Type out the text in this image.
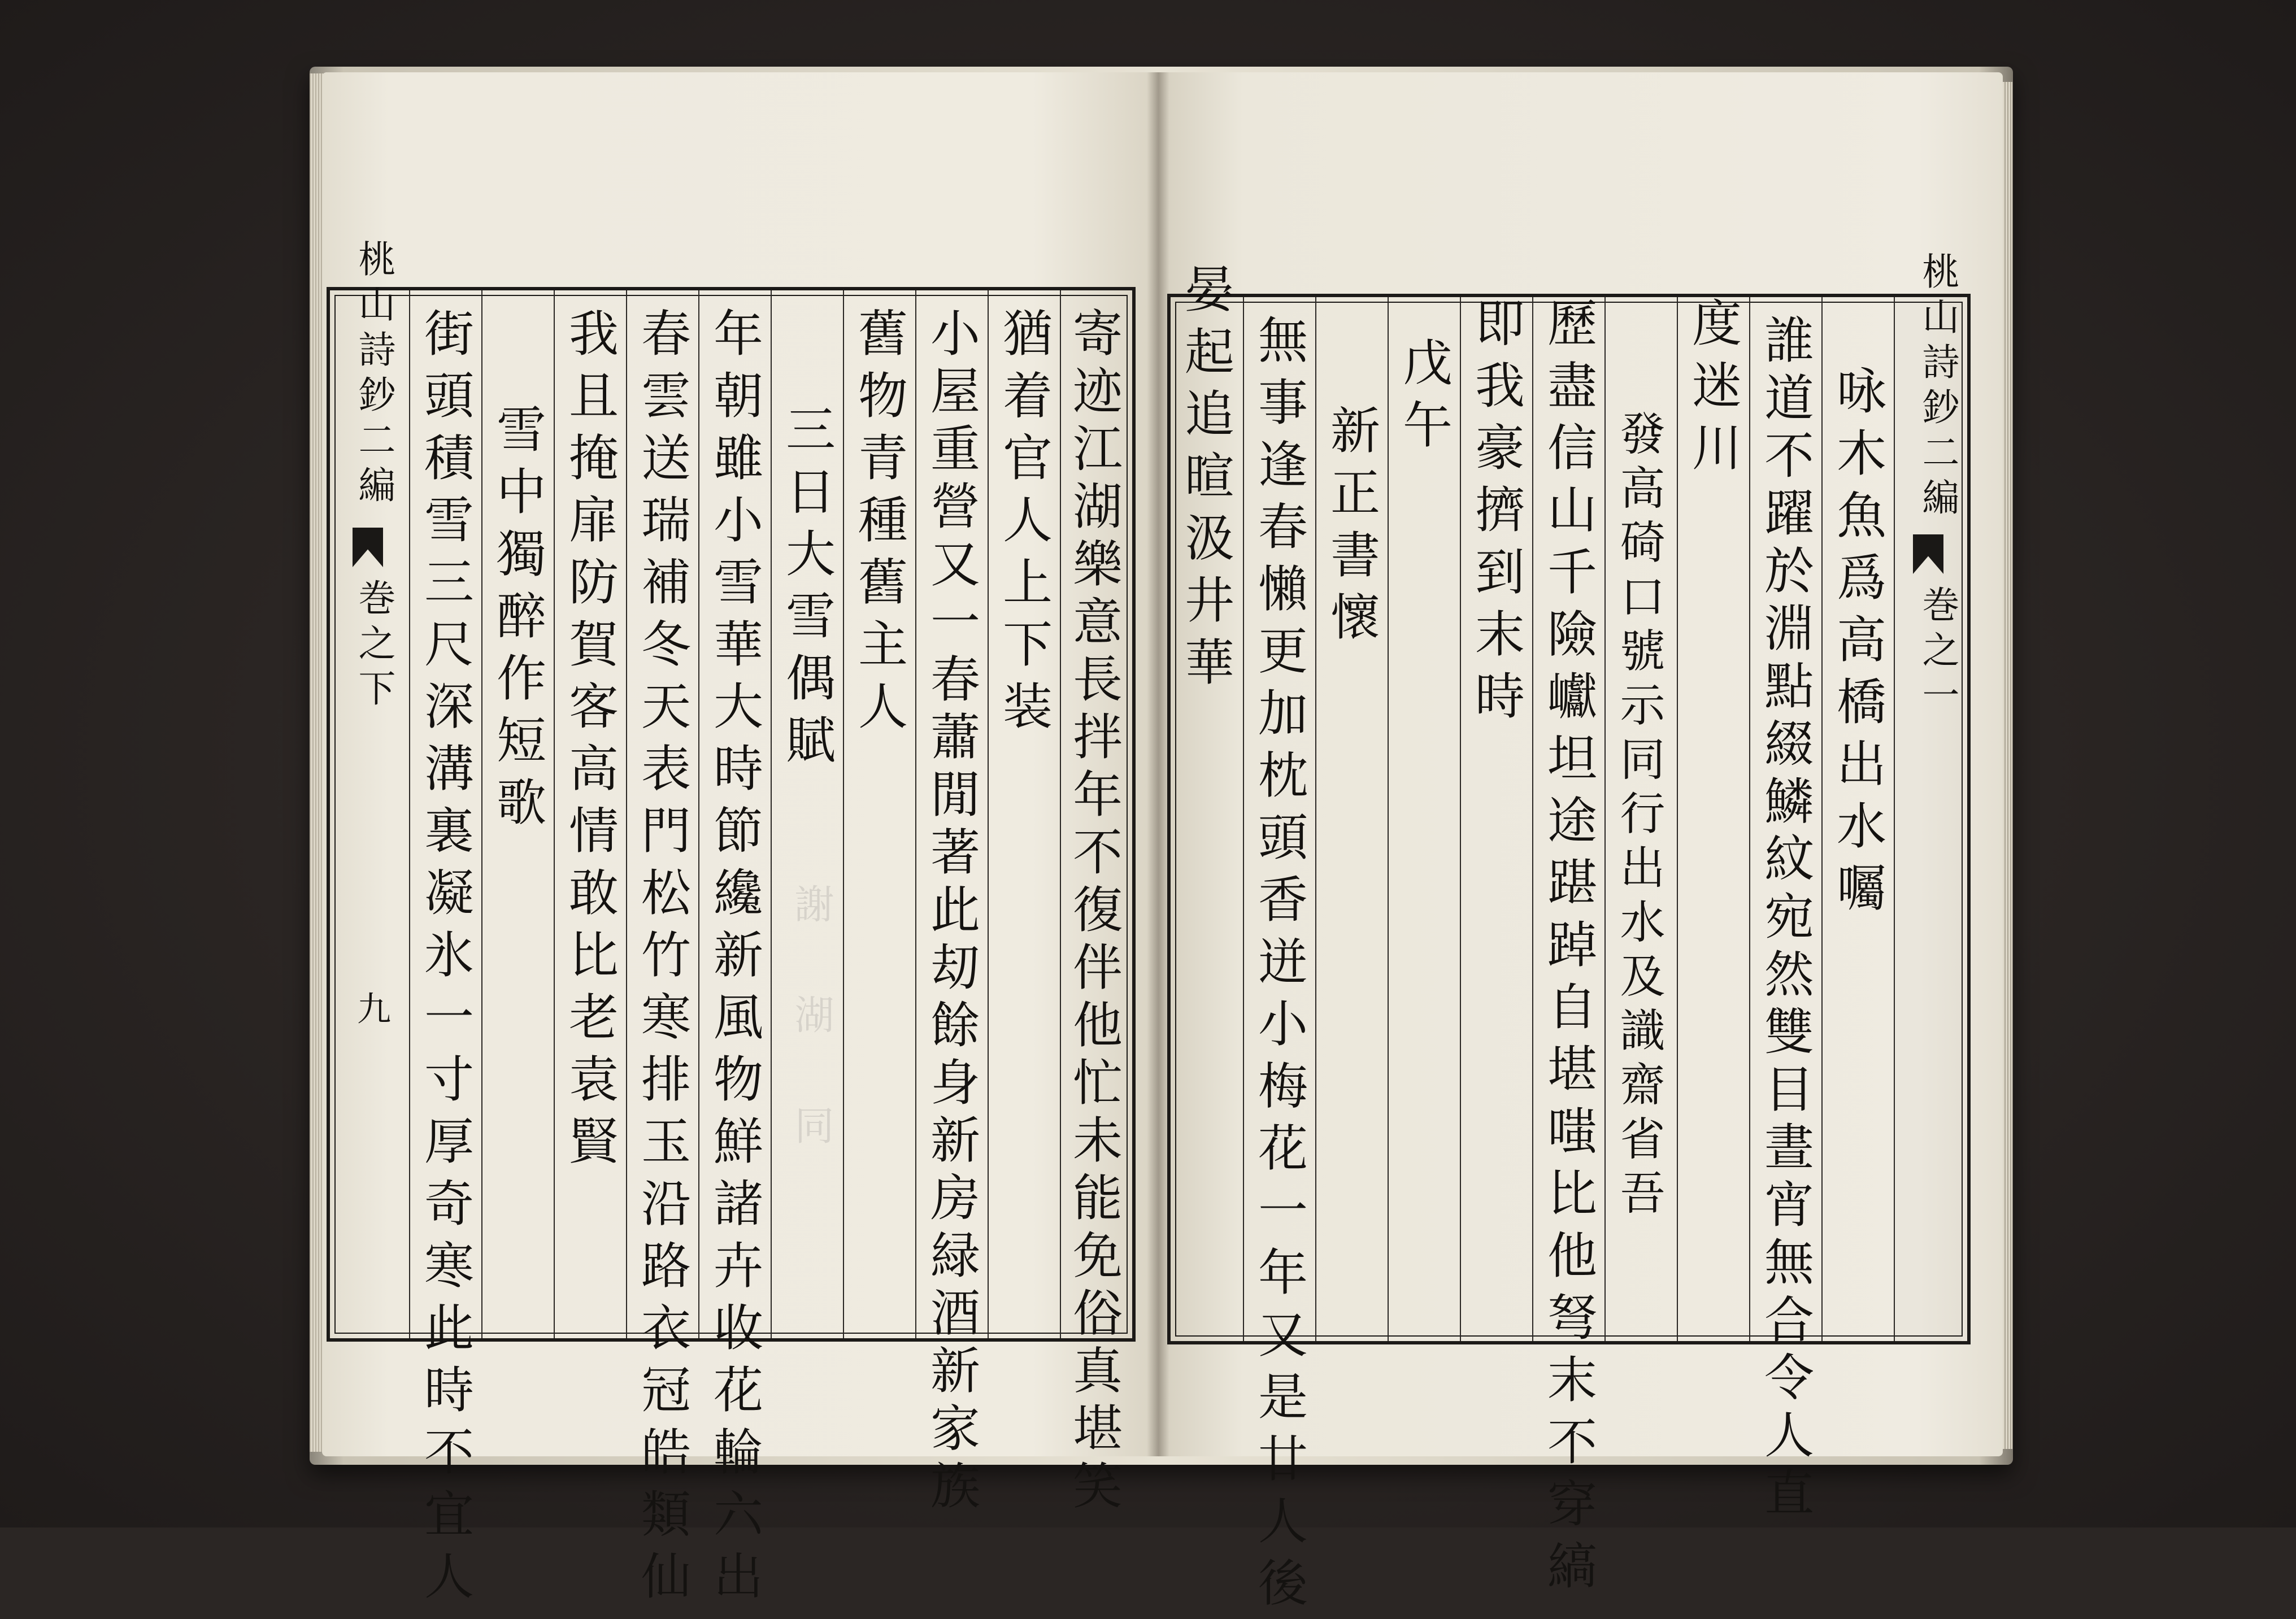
晏起追暄汲井華 無事逢春懶更加枕頭香迸小梅花一年又是廿人後 新正書懷
戊午 即我豪擠到末時 歷盡信山千險巘坦途踸踔自堪嗤比他弩末不穿縞 發高碕口號示同行出水及識齋省吾
度迷川 誰道不躍於淵點綴鱗紋宛然雙目晝宵無合令人直 咏木魚爲高橋出水囑 桃山詩鈔二編
巻之一
桃山詩鈔二編
巻之下
九 街頭積雪三尺深溝裏凝氷一寸厚奇寒此時不宜人 雪中獨醉作短歌 我且掩扉防賀客高情敢比老袁賢 春雲送瑞補冬天表門松竹寒排玉沿路衣冠皓類仙 年朝雖小雪華大時節纔新風物鮮諸卉收花輪六出 三日大雪偶賦
謝　湖　同
舊物青種舊主人 小屋重營又一春蕭閒著此刧餘身新房緑酒新家族 猶着官人上下装 寄迹江湖樂意長拌年不復伴他忙未能免俗真堪笑
